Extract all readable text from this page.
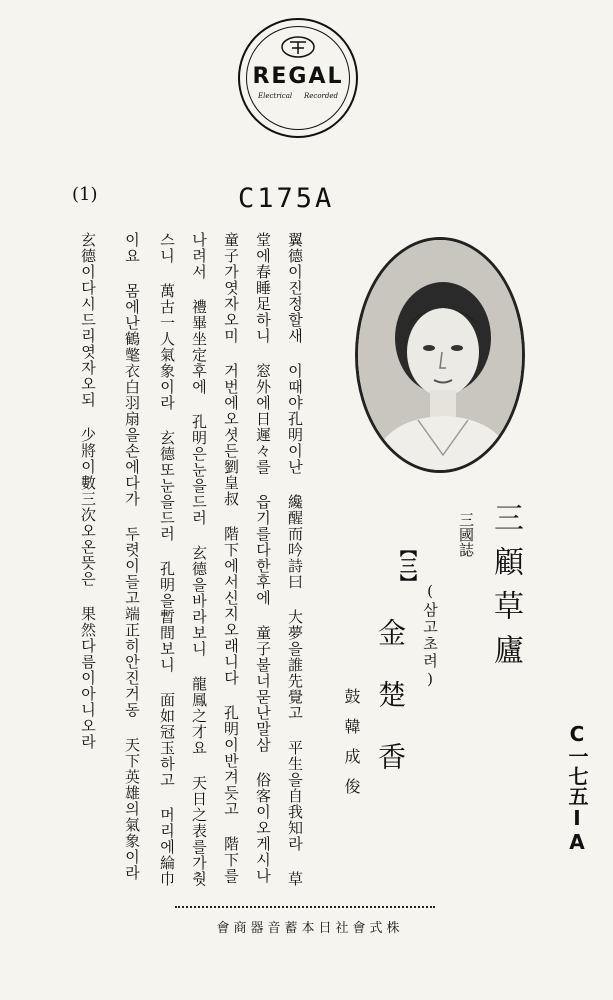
REGAL
Electrical Recorded
(1)	C175A
翼德이진정할새 이때야孔明이난 纔醒而吟詩曰 大夢을誰先覺고 平生을自我知라 草
堂에春睡足하니 窓外에日遲々를 읍기를다한후에 童子불너묻난말삼 俗客이오게시나
童子가엿자오미 거번에오셧든劉皇叔 階下에서신지오래니다 孔明이반겨듯고 階下를
나려서 禮畢坐定후에 孔明은눈을드러 玄德을바라보니 龍鳳之才요 天日之表를가췃
스니 萬古一人氣象이라 玄德또눈을드러 孔明을暫間보니 面如冠玉하고 머리에綸巾
이요 몸에난鶴氅衣白羽扇을손에다가 두렷이들고端正히안진거동 天下英雄의氣象이라
玄德이다시드리엿자오되 少將이數三次오온뜻은 果然다름이아니오라	三國誌 三顧草廬
(삼고초려)
【三】
金楚香
鼓韓成俊	C一七五ⅠA
株式會社日本蓄音器商會
